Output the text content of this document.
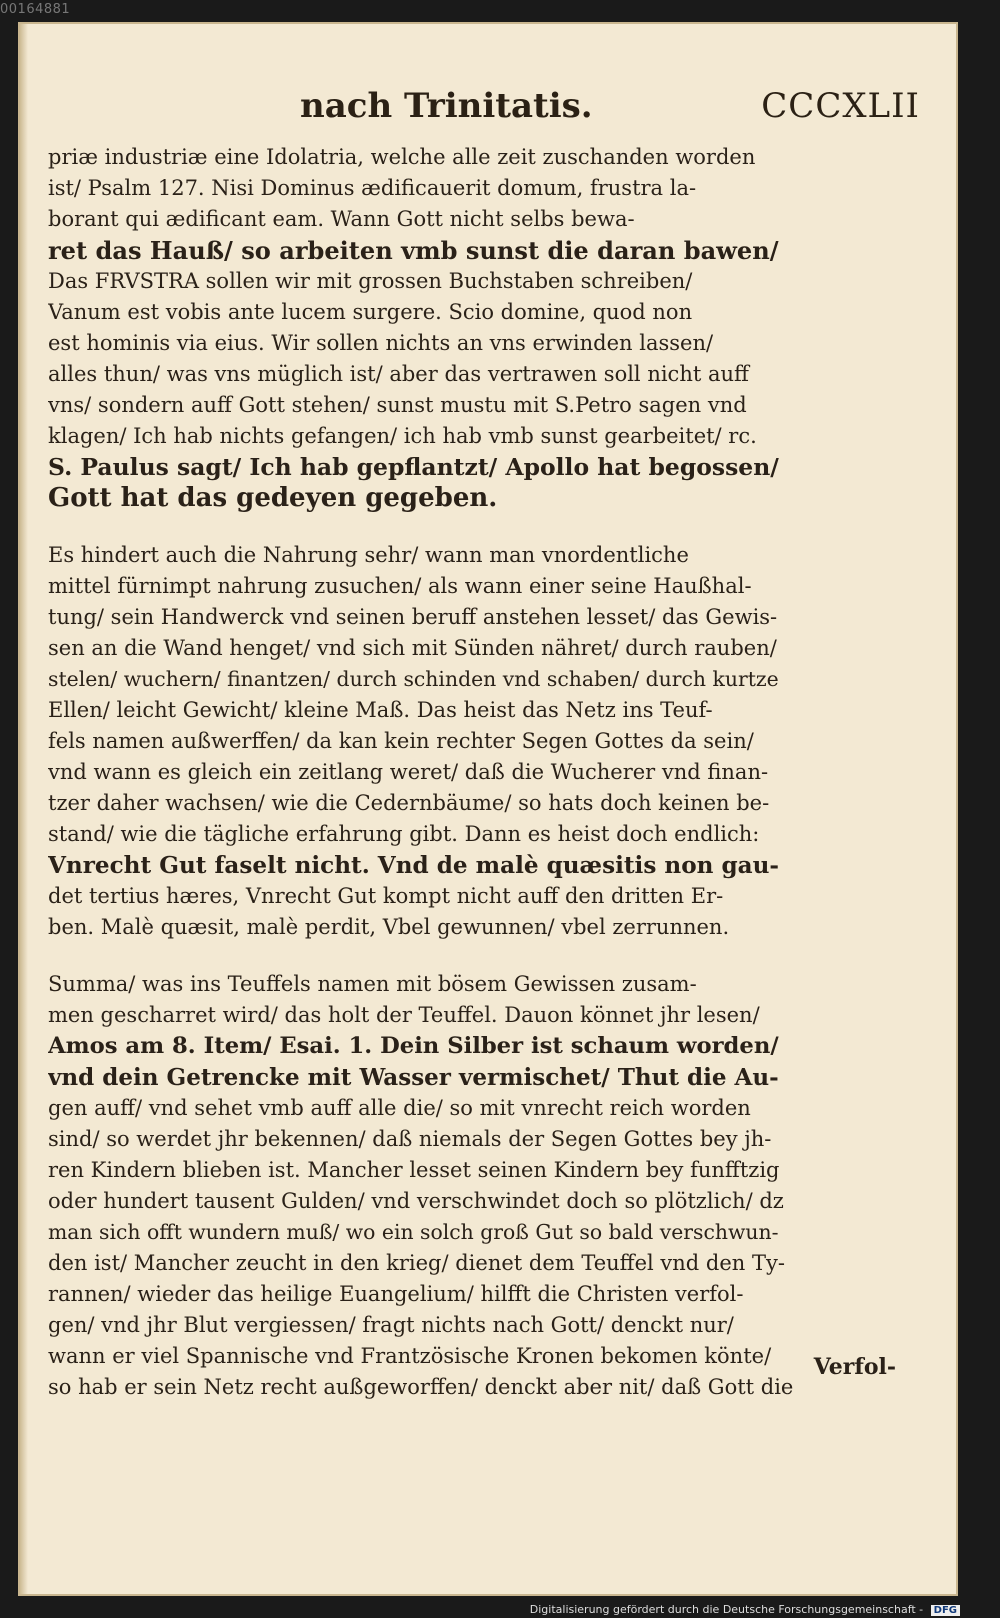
00164881
nach Trinitatis.	CCCXLII
priæ industriæ eine Idolatria, welche alle zeit zuschanden worden
ist/ Psalm 127. Nisi Dominus ædificauerit domum, frustra la-
borant qui ædificant eam. Wann Gott nicht selbs bewa-
ret das Hauß/ so arbeiten vmb sunst die daran bawen/
Das FRVSTRA sollen wir mit grossen Buchstaben schreiben/
Vanum est vobis ante lucem surgere. Scio domine, quod non
est hominis via eius. Wir sollen nichts an vns erwinden lassen/
alles thun/ was vns müglich ist/ aber das vertrawen soll nicht auff
vns/ sondern auff Gott stehen/ sunst mustu mit S.Petro sagen vnd
klagen/ Ich hab nichts gefangen/ ich hab vmb sunst gearbeitet/ rc.
S. Paulus sagt/ Ich hab gepflantzt/ Apollo hat begossen/
Gott hat das gedeyen gegeben.
Es hindert auch die Nahrung sehr/ wann man vnordentliche
mittel fürnimpt nahrung zusuchen/ als wann einer seine Haußhal-
tung/ sein Handwerck vnd seinen beruff anstehen lesset/ das Gewis-
sen an die Wand henget/ vnd sich mit Sünden nähret/ durch rauben/
stelen/ wuchern/ finantzen/ durch schinden vnd schaben/ durch kurtze
Ellen/ leicht Gewicht/ kleine Maß. Das heist das Netz ins Teuf-
fels namen außwerffen/ da kan kein rechter Segen Gottes da sein/
vnd wann es gleich ein zeitlang weret/ daß die Wucherer vnd finan-
tzer daher wachsen/ wie die Cedernbäume/ so hats doch keinen be-
stand/ wie die tägliche erfahrung gibt. Dann es heist doch endlich:
Vnrecht Gut faselt nicht. Vnd de malè quæsitis non gau-
det tertius hæres, Vnrecht Gut kompt nicht auff den dritten Er-
ben. Malè quæsit, malè perdit, Vbel gewunnen/ vbel zerrunnen.
Summa/ was ins Teuffels namen mit bösem Gewissen zusam-
men gescharret wird/ das holt der Teuffel. Dauon könnet jhr lesen/
Amos am 8. Item/ Esai. 1. Dein Silber ist schaum worden/
vnd dein Getrencke mit Wasser vermischet/ Thut die Au-
gen auff/ vnd sehet vmb auff alle die/ so mit vnrecht reich worden
sind/ so werdet jhr bekennen/ daß niemals der Segen Gottes bey jh-
ren Kindern blieben ist. Mancher lesset seinen Kindern bey funfftzig
oder hundert tausent Gulden/ vnd verschwindet doch so plötzlich/ dz
man sich offt wundern muß/ wo ein solch groß Gut so bald verschwun-
den ist/ Mancher zeucht in den krieg/ dienet dem Teuffel vnd den Ty-
rannen/ wieder das heilige Euangelium/ hilfft die Christen verfol-
gen/ vnd jhr Blut vergiessen/ fragt nichts nach Gott/ denckt nur/
wann er viel Spannische vnd Frantzösische Kronen bekomen könte/
so hab er sein Netz recht außgeworffen/ denckt aber nit/ daß Gott die
Verfol-
Digitalisierung gefördert durch die Deutsche Forschungsgemeinschaft - DFG
